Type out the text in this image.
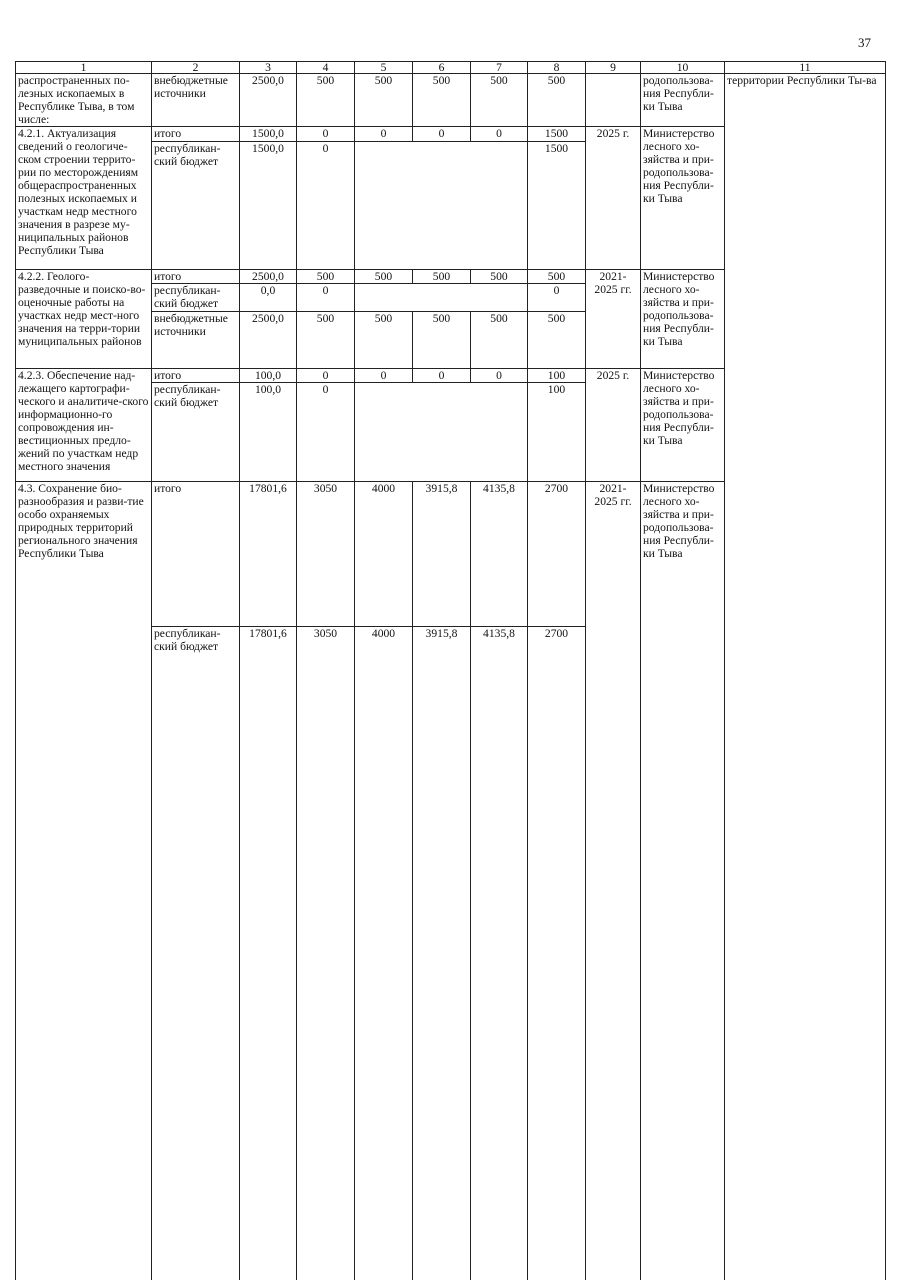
37
1	2	3	4	5	6	7	8	9	10	11	
распространенных по-лезных ископаемых в Республике Тыва, в том числе:	внебюджетные источники	2500,0	500	500	500	500	500		родопользова-ния Республи-ки Тыва	территории Республики Ты-ва	
4.2.1. Актуализация сведений о геологиче-ском строении террито-рии по месторождениям общераспространенных полезных ископаемых и участкам недр местного значения в разрезе му-ниципальных районов Республики Тыва	итого	1500,0	0	0	0	0	1500	2025 г.	Министерство лесного хо-зяйства и при-родопользова-ния Республи-ки Тыва		
	республикан-ский бюджет	1500,0	0				1500				
4.2.2. Геолого-разведочные и поиско-во-оценочные работы на участках недр мест-ного значения на терри-тории муниципальных районов	итого	2500,0	500	500	500	500	500	2021-2025 гг.	Министерство лесного хо-зяйства и при-родопользова-ния Республи-ки Тыва		
	республикан-ский бюджет	0,0	0				0				
	внебюджетные источники	2500,0	500	500	500	500	500				
4.2.3. Обеспечение над-лежащего картографи-ческого и аналитиче-ского информационно-го сопровождения ин-вестиционных предло-жений по участкам недр местного значения	итого	100,0	0	0	0	0	100	2025 г.	Министерство лесного хо-зяйства и при-родопользова-ния Республи-ки Тыва		
	республикан-ский бюджет	100,0	0				100				
4.3. Сохранение био-разнообразия и разви-тие особо охраняемых природных территорий регионального значения Республики Тыва	итого	17801,6	3050	4000	3915,8	4135,8	2700	2021-2025 гг.	Министерство лесного хо-зяйства и при-родопользова-ния Республи-ки Тыва	
	республикан-ский бюджет	17801,6	3050	4000	3915,8	4135,8	2700				
